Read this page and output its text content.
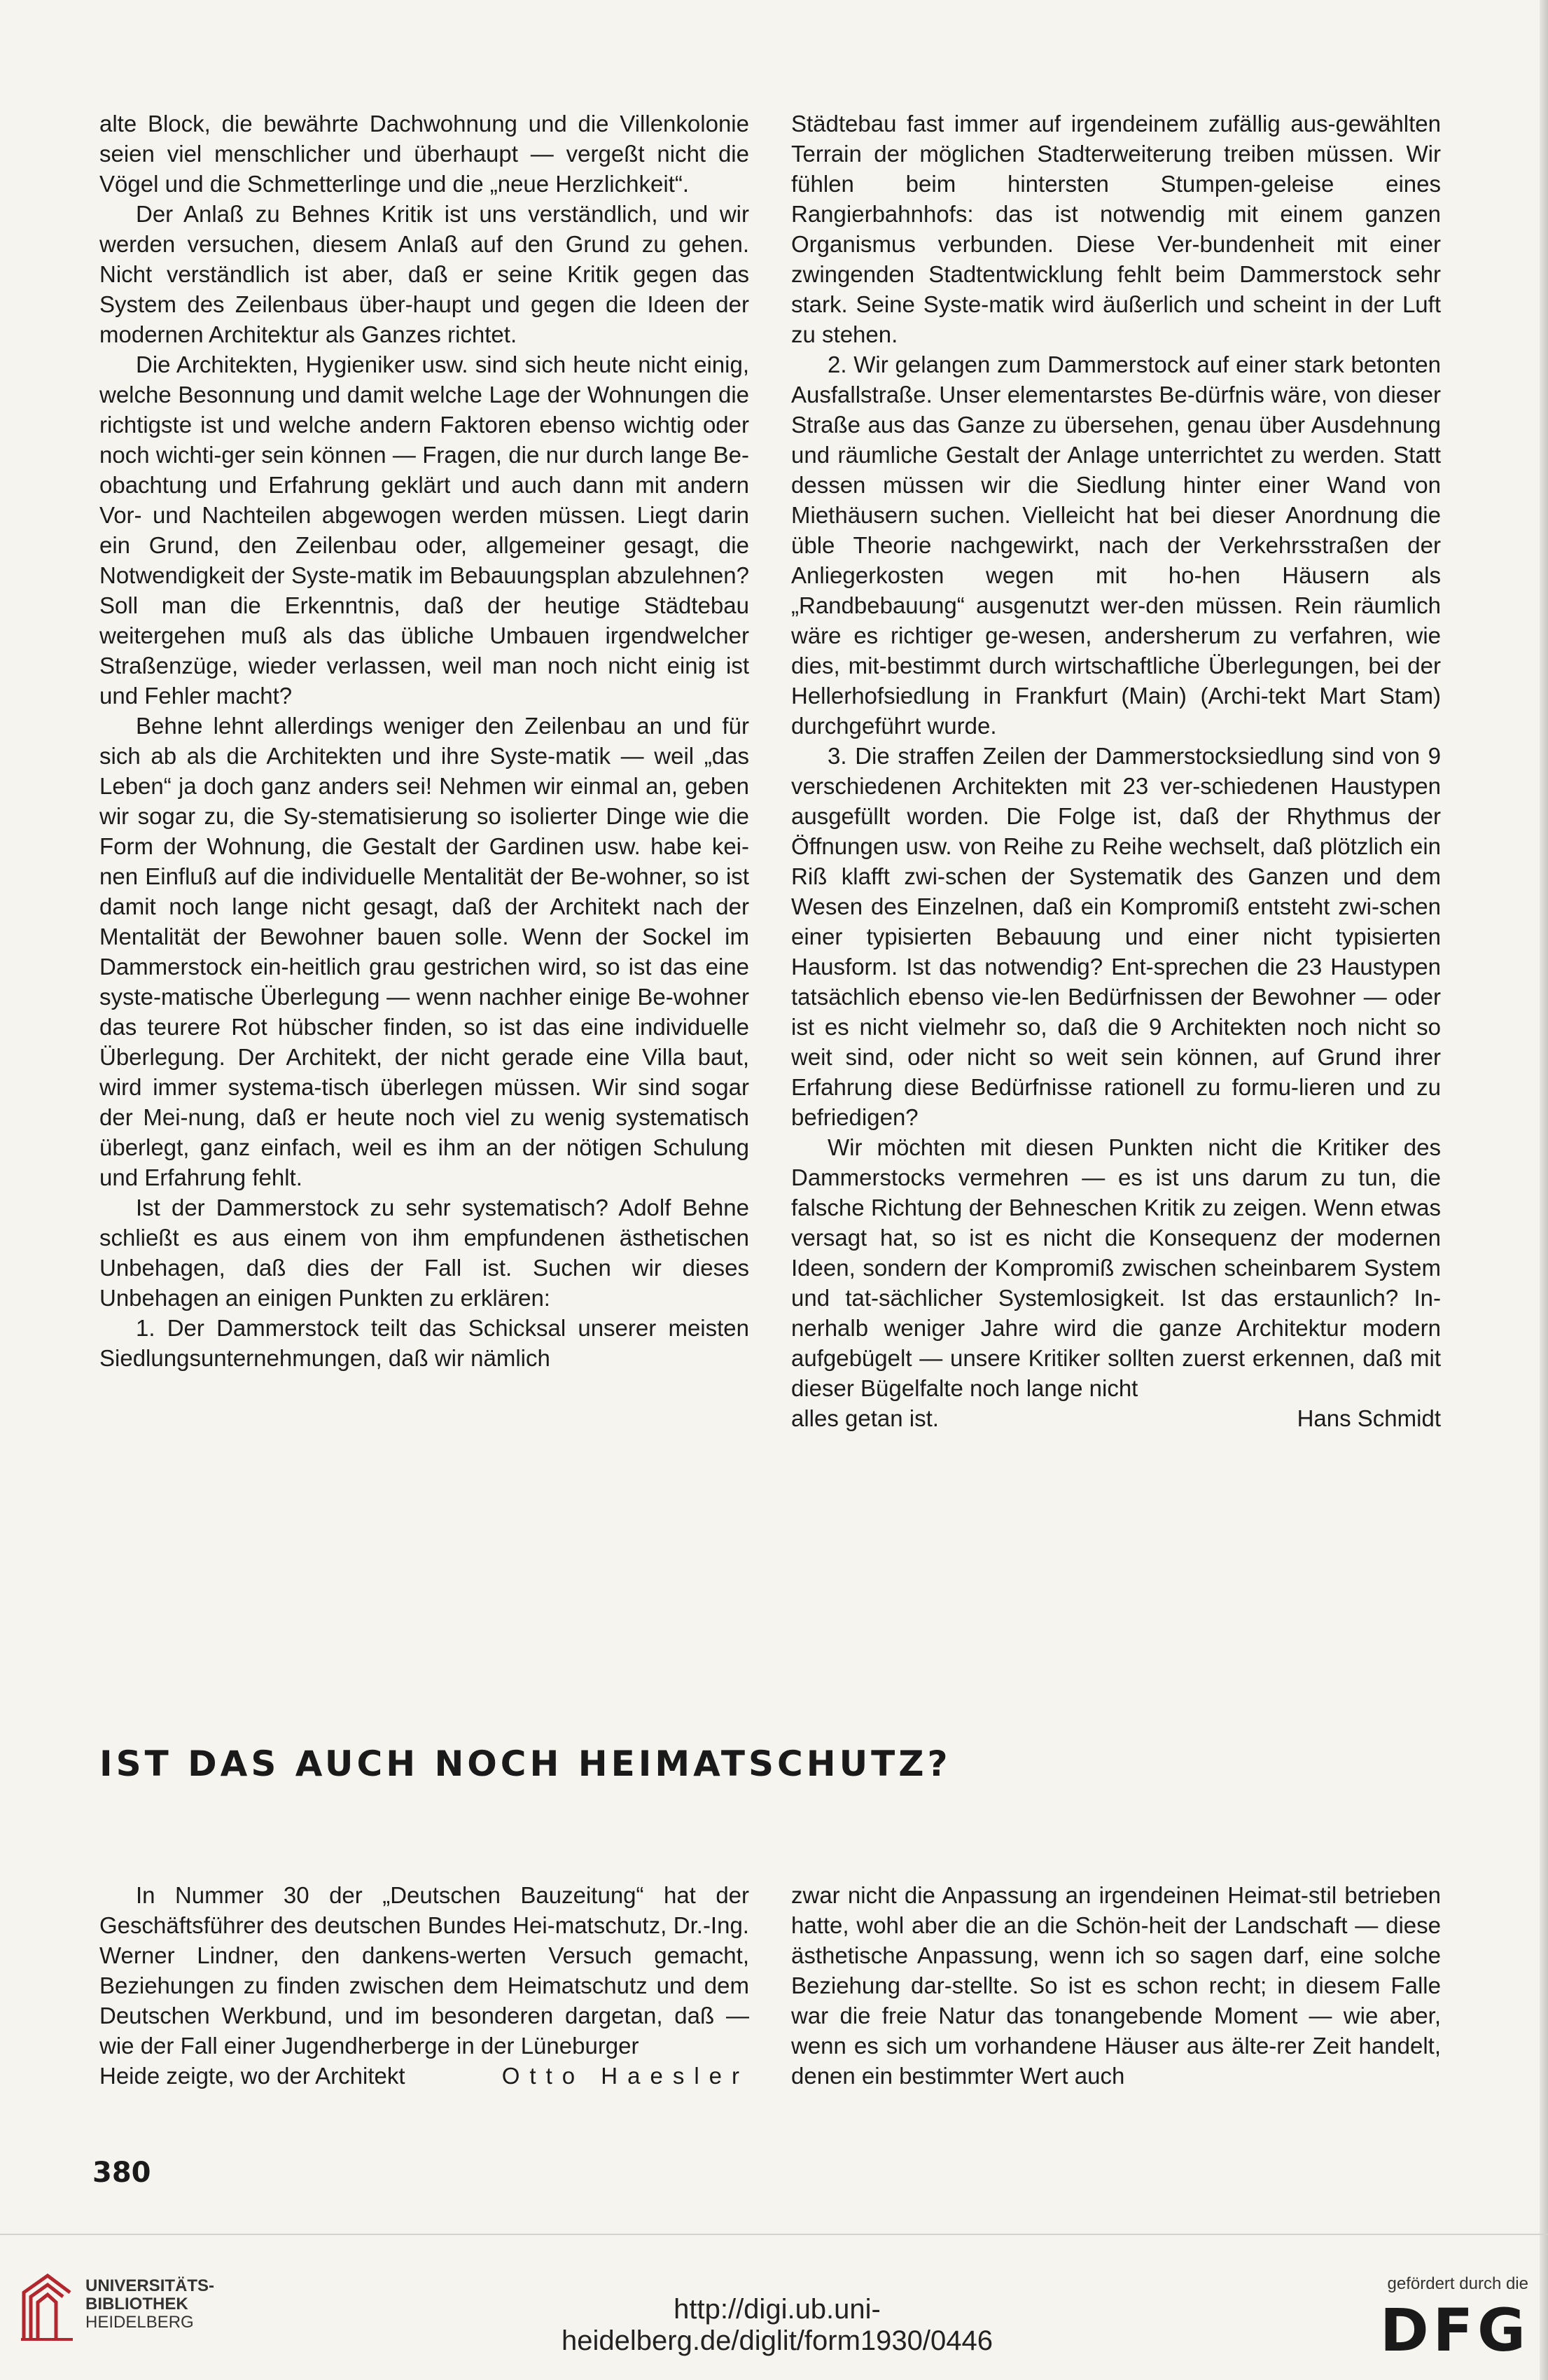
alte Block, die bewährte Dachwohnung und die Villenkolonie seien viel menschlicher und überhaupt — vergeßt nicht die Vögel und die Schmetterlinge und die „neue Herzlichkeit“.

Der Anlaß zu Behnes Kritik ist uns verständlich, und wir werden versuchen, diesem Anlaß auf den Grund zu gehen. Nicht verständlich ist aber, daß er seine Kritik gegen das System des Zeilenbaus über-haupt und gegen die Ideen der modernen Architektur als Ganzes richtet.

Die Architekten, Hygieniker usw. sind sich heute nicht einig, welche Besonnung und damit welche Lage der Wohnungen die richtigste ist und welche andern Faktoren ebenso wichtig oder noch wichti-ger sein können — Fragen, die nur durch lange Be-obachtung und Erfahrung geklärt und auch dann mit andern Vor- und Nachteilen abgewogen werden müssen. Liegt darin ein Grund, den Zeilenbau oder, allgemeiner gesagt, die Notwendigkeit der Syste-matik im Bebauungsplan abzulehnen? Soll man die Erkenntnis, daß der heutige Städtebau weitergehen muß als das übliche Umbauen irgendwelcher Straßenzüge, wieder verlassen, weil man noch nicht einig ist und Fehler macht?

Behne lehnt allerdings weniger den Zeilenbau an und für sich ab als die Architekten und ihre Syste-matik — weil „das Leben“ ja doch ganz anders sei! Nehmen wir einmal an, geben wir sogar zu, die Sy-stematisierung so isolierter Dinge wie die Form der Wohnung, die Gestalt der Gardinen usw. habe kei-nen Einfluß auf die individuelle Mentalität der Be-wohner, so ist damit noch lange nicht gesagt, daß der Architekt nach der Mentalität der Bewohner bauen solle. Wenn der Sockel im Dammerstock ein-heitlich grau gestrichen wird, so ist das eine syste-matische Überlegung — wenn nachher einige Be-wohner das teurere Rot hübscher finden, so ist das eine individuelle Überlegung. Der Architekt, der nicht gerade eine Villa baut, wird immer systema-tisch überlegen müssen. Wir sind sogar der Mei-nung, daß er heute noch viel zu wenig systematisch überlegt, ganz einfach, weil es ihm an der nötigen Schulung und Erfahrung fehlt.

Ist der Dammerstock zu sehr systematisch? Adolf Behne schließt es aus einem von ihm empfundenen ästhetischen Unbehagen, daß dies der Fall ist. Suchen wir dieses Unbehagen an einigen Punkten zu erklären:

1. Der Dammerstock teilt das Schicksal unserer meisten Siedlungsunternehmungen, daß wir nämlich

Städtebau fast immer auf irgendeinem zufällig aus-gewählten Terrain der möglichen Stadterweiterung treiben müssen. Wir fühlen beim hintersten Stumpen-geleise eines Rangierbahnhofs: das ist notwendig mit einem ganzen Organismus verbunden. Diese Ver-bundenheit mit einer zwingenden Stadtentwicklung fehlt beim Dammerstock sehr stark. Seine Syste-matik wird äußerlich und scheint in der Luft zu stehen.

2. Wir gelangen zum Dammerstock auf einer stark betonten Ausfallstraße. Unser elementarstes Be-dürfnis wäre, von dieser Straße aus das Ganze zu übersehen, genau über Ausdehnung und räumliche Gestalt der Anlage unterrichtet zu werden. Statt dessen müssen wir die Siedlung hinter einer Wand von Miethäusern suchen. Vielleicht hat bei dieser Anordnung die üble Theorie nachgewirkt, nach der Verkehrsstraßen der Anliegerkosten wegen mit ho-hen Häusern als „Randbebauung“ ausgenutzt wer-den müssen. Rein räumlich wäre es richtiger ge-wesen, andersherum zu verfahren, wie dies, mit-bestimmt durch wirtschaftliche Überlegungen, bei der Hellerhofsiedlung in Frankfurt (Main) (Archi-tekt Mart Stam) durchgeführt wurde.

3. Die straffen Zeilen der Dammerstocksiedlung sind von 9 verschiedenen Architekten mit 23 ver-schiedenen Haustypen ausgefüllt worden. Die Folge ist, daß der Rhythmus der Öffnungen usw. von Reihe zu Reihe wechselt, daß plötzlich ein Riß klafft zwi-schen der Systematik des Ganzen und dem Wesen des Einzelnen, daß ein Kompromiß entsteht zwi-schen einer typisierten Bebauung und einer nicht typisierten Hausform. Ist das notwendig? Ent-sprechen die 23 Haustypen tatsächlich ebenso vie-len Bedürfnissen der Bewohner — oder ist es nicht vielmehr so, daß die 9 Architekten noch nicht so weit sind, oder nicht so weit sein können, auf Grund ihrer Erfahrung diese Bedürfnisse rationell zu formu-lieren und zu befriedigen?

Wir möchten mit diesen Punkten nicht die Kritiker des Dammerstocks vermehren — es ist uns darum zu tun, die falsche Richtung der Behneschen Kritik zu zeigen. Wenn etwas versagt hat, so ist es nicht die Konsequenz der modernen Ideen, sondern der Kompromiß zwischen scheinbarem System und tat-sächlicher Systemlosigkeit. Ist das erstaunlich? In-nerhalb weniger Jahre wird die ganze Architektur modern aufgebügelt — unsere Kritiker sollten zuerst erkennen, daß mit dieser Bügelfalte noch lange nicht

alles getan ist.	Hans Schmidt
IST DAS AUCH NOCH HEIMATSCHUTZ?

In Nummer 30 der „Deutschen Bauzeitung“ hat der Geschäftsführer des deutschen Bundes Hei-matschutz, Dr.-Ing. Werner Lindner, den dankens-werten Versuch gemacht, Beziehungen zu finden zwischen dem Heimatschutz und dem Deutschen Werkbund, und im besonderen dargetan, daß — wie der Fall einer Jugendherberge in der Lüneburger

Heide zeigte, wo der Architekt	Otto Haesler

zwar nicht die Anpassung an irgendeinen Heimat-stil betrieben hatte, wohl aber die an die Schön-heit der Landschaft — diese ästhetische Anpassung, wenn ich so sagen darf, eine solche Beziehung dar-stellte. So ist es schon recht; in diesem Falle war die freie Natur das tonangebende Moment — wie aber, wenn es sich um vorhandene Häuser aus älte-rer Zeit handelt, denen ein bestimmter Wert auch

380
UNIVERSITÄTS-
BIBLIOTHEK
HEIDELBERG	http://digi.ub.uni-heidelberg.de/diglit/form1930/0446
gefördert durch die
DFG
